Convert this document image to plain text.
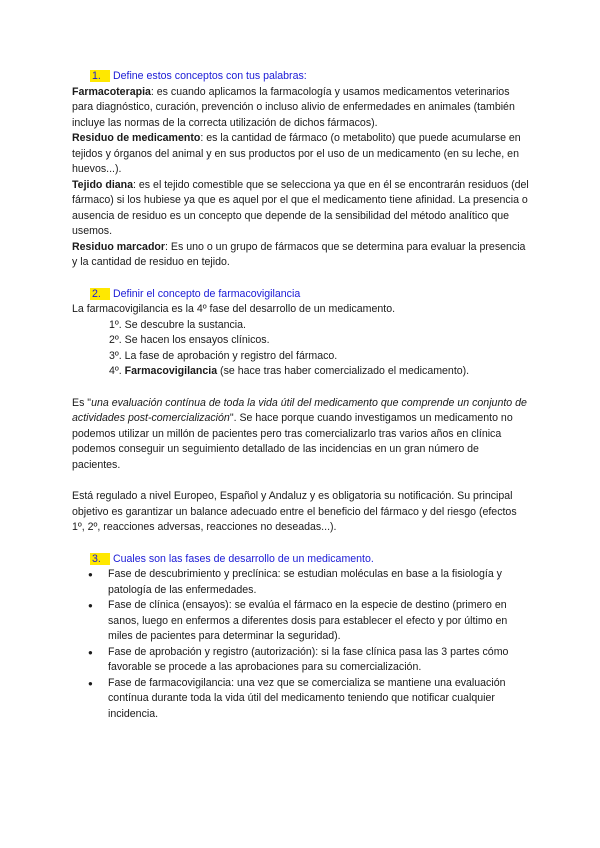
1. Define estos conceptos con tus palabras:

Farmacoterapia: es cuando aplicamos la farmacología y usamos medicamentos veterinarios para diagnóstico, curación, prevención o incluso alivio de enfermedades en animales (también incluye las normas de la correcta utilización de dichos fármacos).

Residuo de medicamento: es la cantidad de fármaco (o metabolito) que puede acumularse en tejidos y órganos del animal y en sus productos por el uso de un medicamento (en su leche, en huevos...).

Tejido diana: es el tejido comestible que se selecciona ya que en él se encontrarán residuos (del fármaco) si los hubiese ya que es aquel por el que el medicamento tiene afinidad. La presencia o ausencia de residuo es un concepto que depende de la sensibilidad del método analítico que usemos.

Residuo marcador: Es uno o un grupo de fármacos que se determina para evaluar la presencia y la cantidad de residuo en tejido.

2. Definir el concepto de farmacovigilancia

La farmacovigilancia es la 4º fase del desarrollo de un medicamento.

1º. Se descubre la sustancia.

2º. Se hacen los ensayos clínicos.

3º. La fase de aprobación y registro del fármaco.

4º. Farmacovigilancia (se hace tras haber comercializado el medicamento).

Es "una evaluación contínua de toda la vida útil del medicamento que comprende un conjunto de actividades post-comercialización". Se hace porque cuando investigamos un medicamento no podemos utilizar un millón de pacientes pero tras comercializarlo tras varios años en clínica podemos conseguir un seguimiento detallado de las incidencias en un gran número de pacientes.

Está regulado a nivel Europeo, Español y Andaluz y es obligatoria su notificación. Su principal objetivo es garantizar un balance adecuado entre el beneficio del fármaco y del riesgo (efectos 1º, 2º, reacciones adversas, reacciones no deseadas...).

3. Cuales son las fases de desarrollo de un medicamento.

● Fase de descubrimiento y preclínica: se estudian moléculas en base a la fisiología y patología de las enfermedades.
● Fase de clínica (ensayos): se evalúa el fármaco en la especie de destino (primero en sanos, luego en enfermos a diferentes dosis para establecer el efecto y por último en miles de pacientes para determinar la seguridad).
● Fase de aprobación y registro (autorización): si la fase clínica pasa las 3 partes cómo favorable se procede a las aprobaciones para su comercialización.
● Fase de farmacovigilancia: una vez que se comercializa se mantiene una evaluación contínua durante toda la vida útil del medicamento teniendo que notificar cualquier incidencia.
